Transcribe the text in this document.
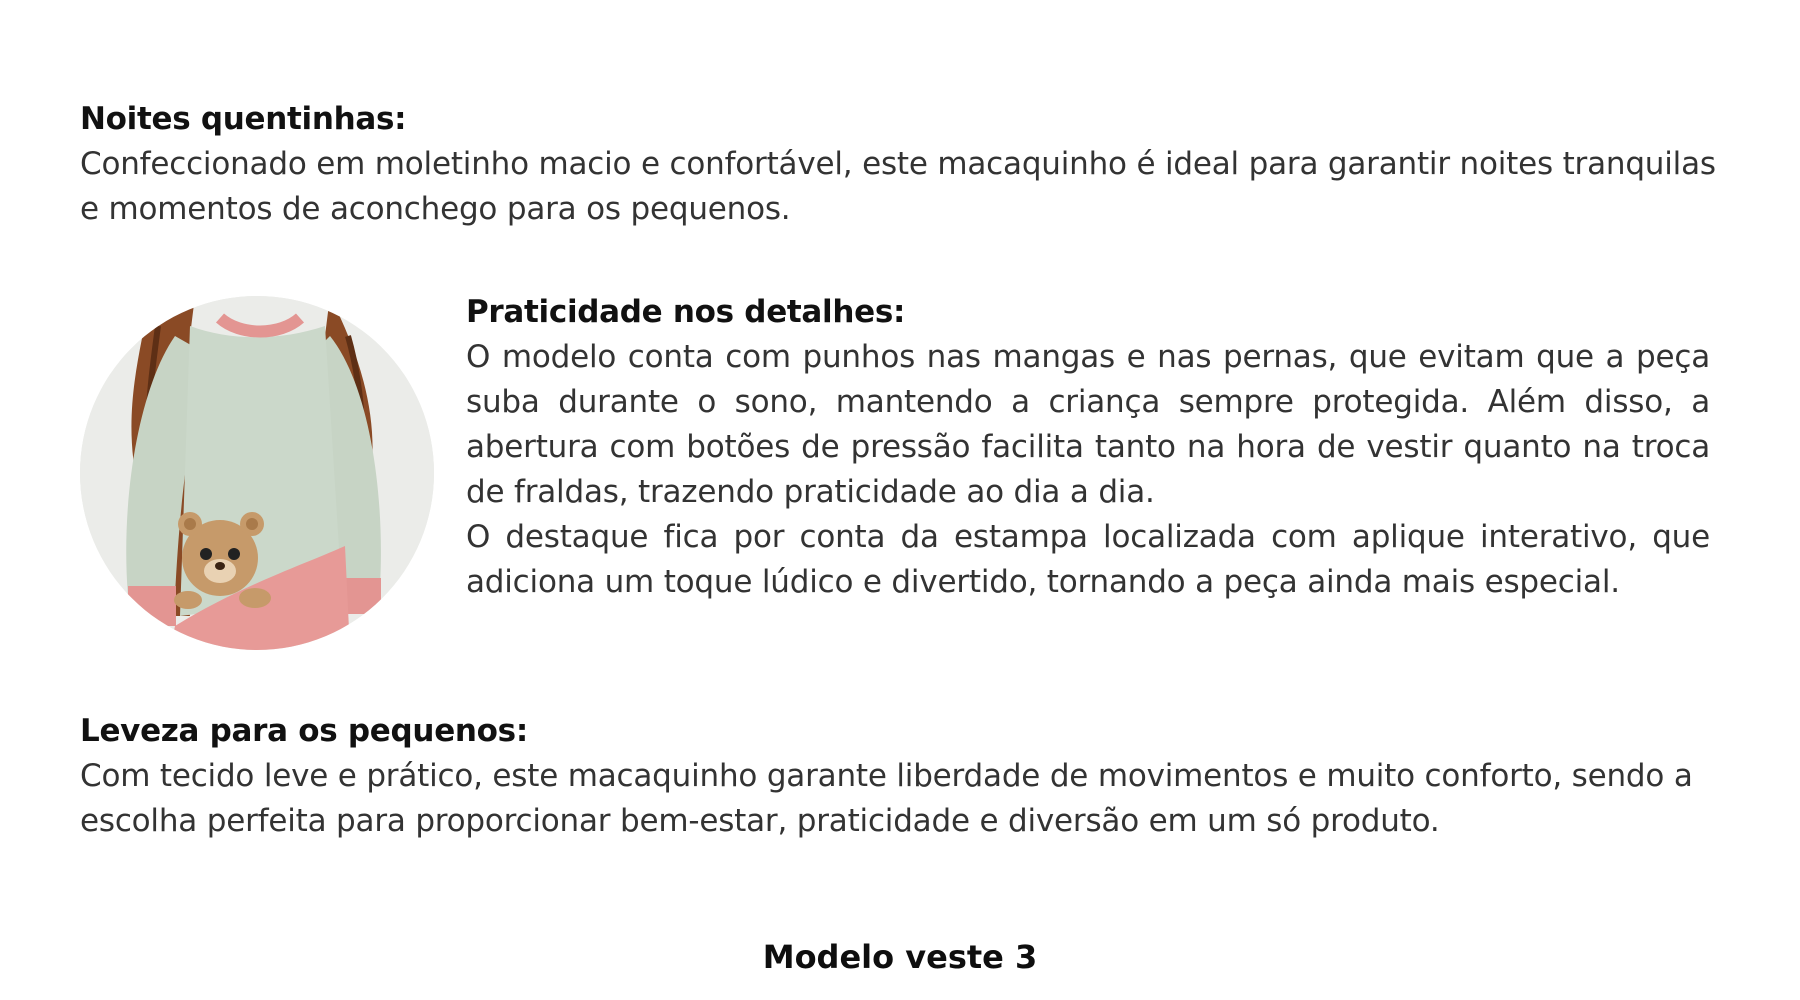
Noites quentinhas:

Confeccionado em moletinho macio e confortável, este macaquinho é ideal para garantir noites tranquilas e momentos de aconchego para os pequenos.

Praticidade nos detalhes:

O modelo conta com punhos nas mangas e nas pernas, que evitam que a peça suba durante o sono, mantendo a criança sempre protegida. Além disso, a abertura com botões de pressão facilita tanto na hora de vestir quanto na troca de fraldas, trazendo praticidade ao dia a dia.

O destaque fica por conta da estampa localizada com aplique interativo, que adiciona um toque lúdico e divertido, tornando a peça ainda mais especial.

Leveza para os pequenos:

Com tecido leve e prático, este macaquinho garante liberdade de movimentos e muito conforto, sendo a escolha perfeita para proporcionar bem-estar, praticidade e diversão em um só produto.

Modelo veste 3
